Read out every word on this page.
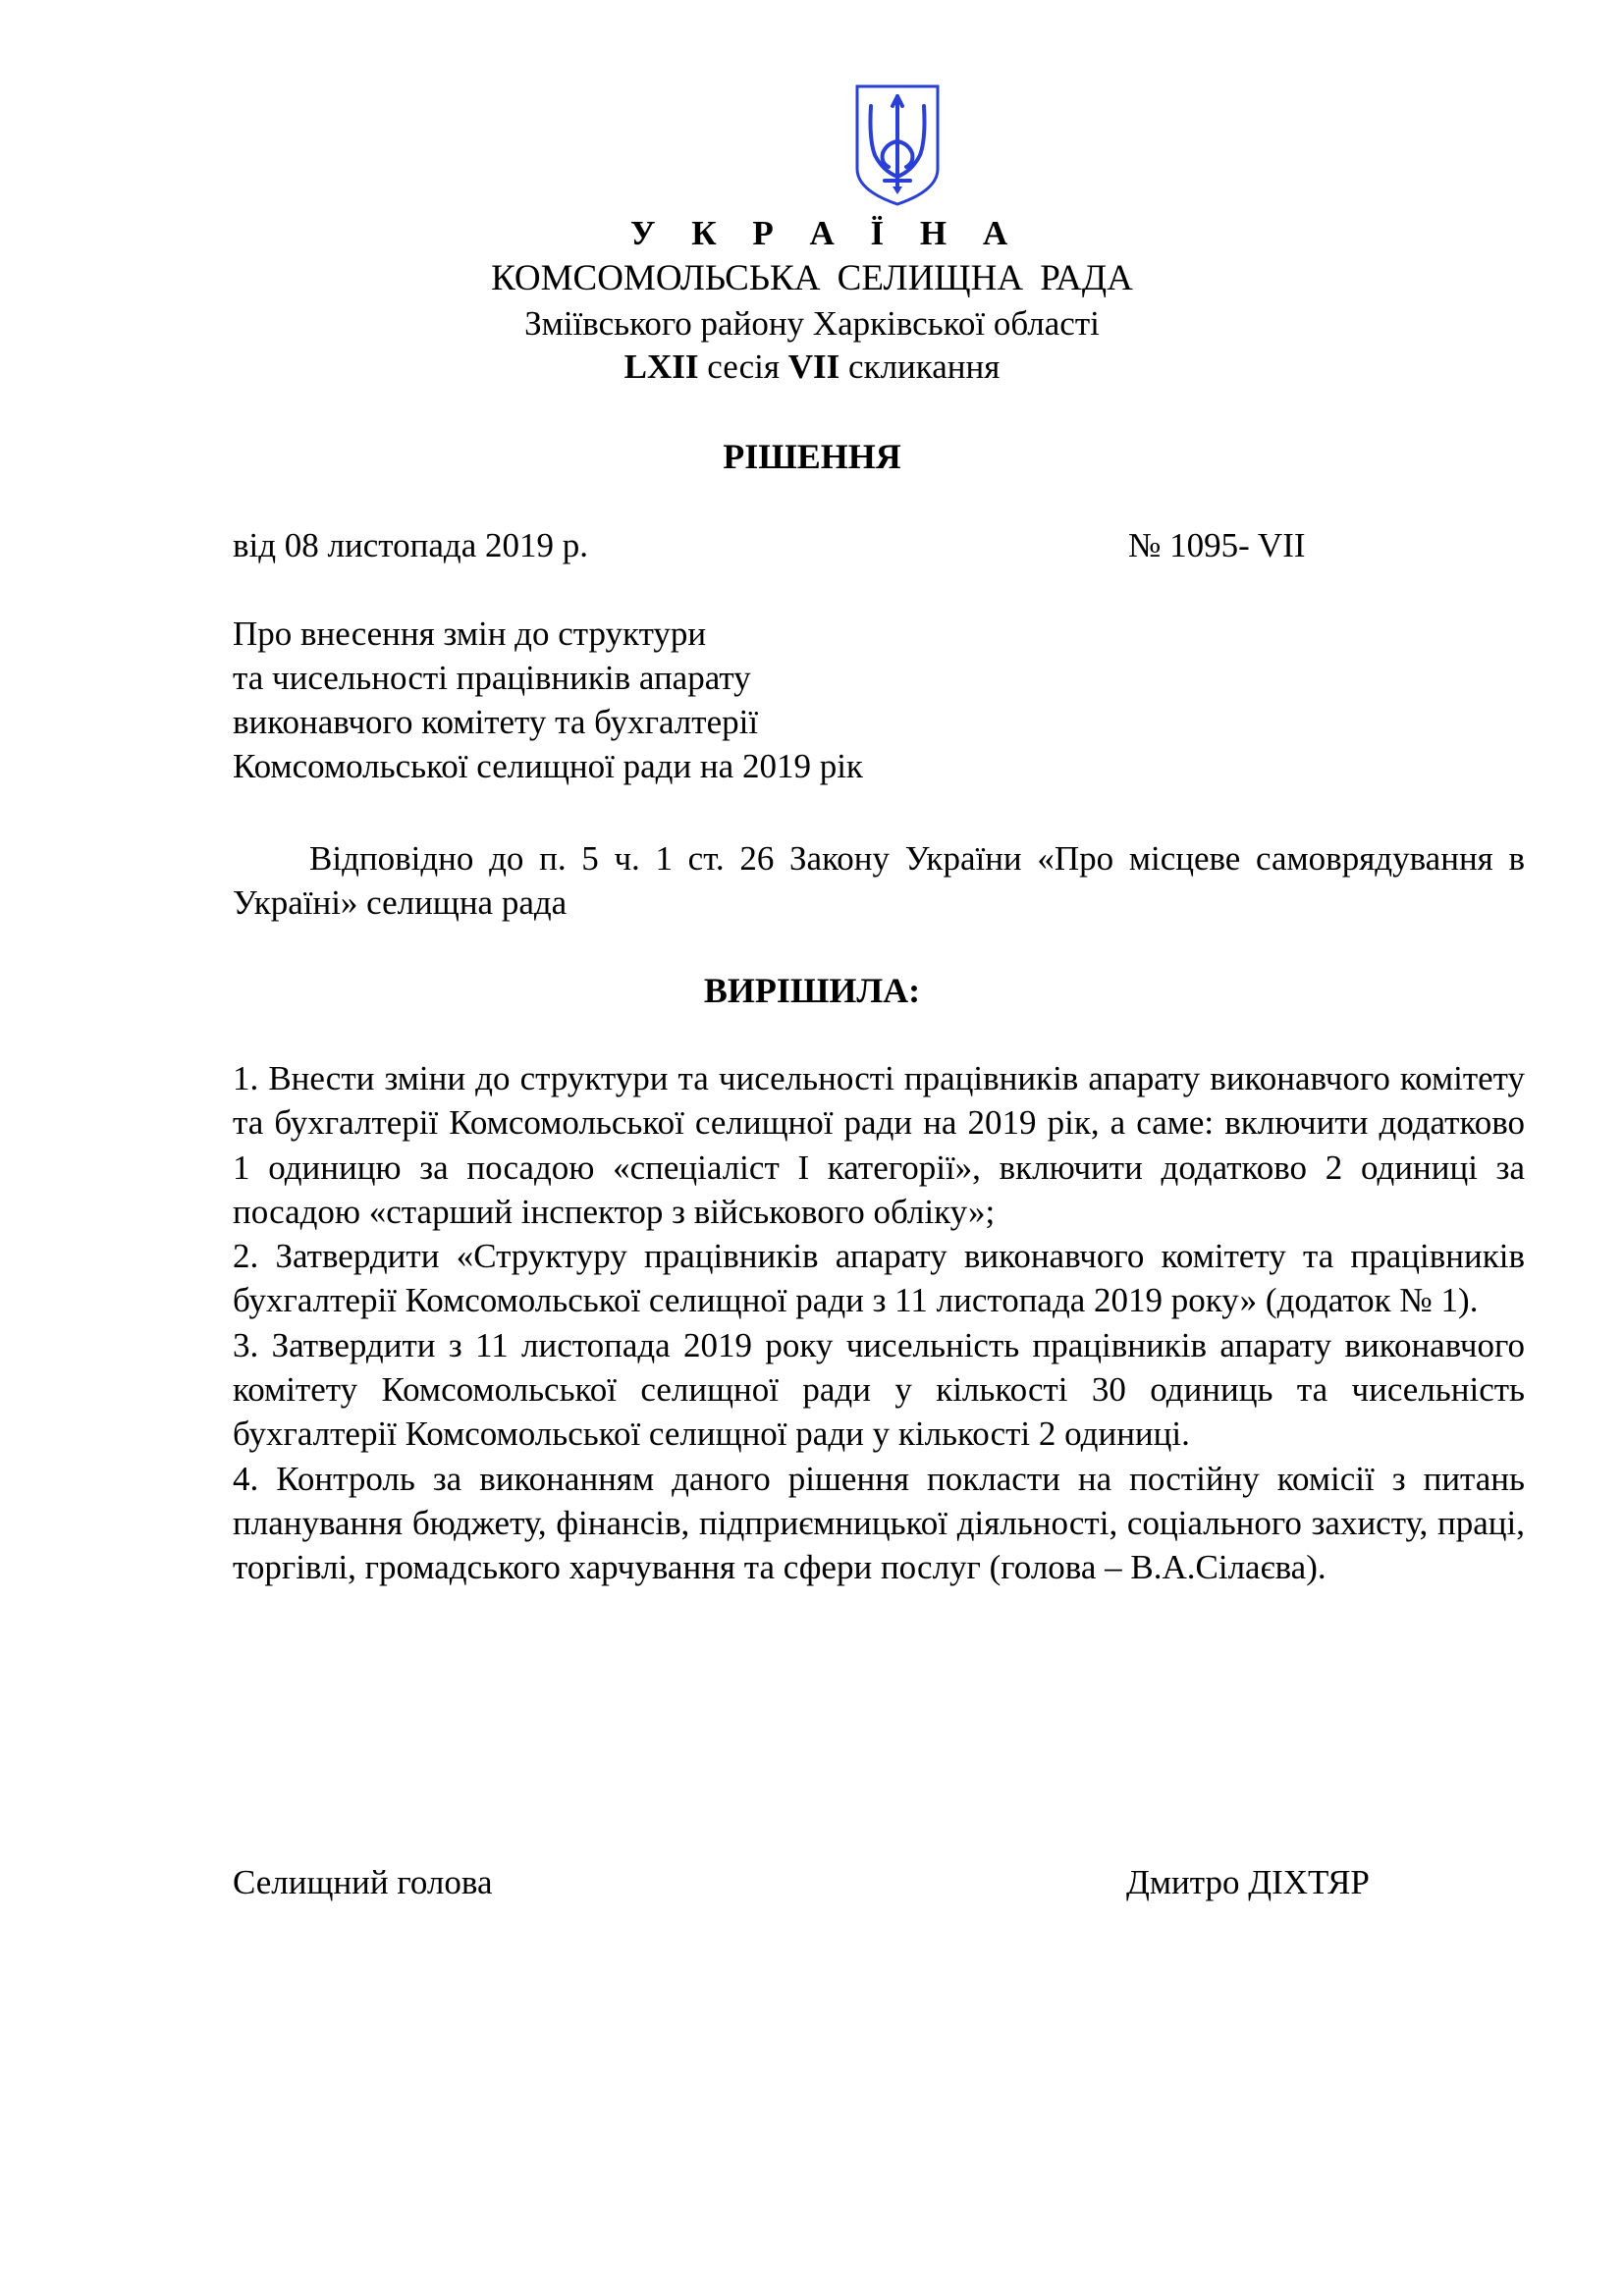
У К Р А Ї Н А
КОМСОМОЛЬСЬКА СЕЛИЩНА РАДА
Зміївського району Харківської області
LXII сесія VII скликання
РІШЕННЯ
від 08 листопада 2019 р.	№ 1095- VII
Про внесення змін до структури
та чисельності працівників апарату
виконавчого комітету та бухгалтерії
Комсомольської селищної ради на 2019 рік
Відповідно до п. 5 ч. 1 ст. 26 Закону України «Про місцеве самоврядування в Україні» селищна рада
ВИРІШИЛА:

1. Внести зміни до структури та чисельності працівників апарату виконавчого комітету та бухгалтерії Комсомольської селищної ради на 2019 рік, а саме: включити додатково 1 одиницю за посадою «спеціаліст І категорії», включити додатково 2 одиниці за посадою «старший інспектор з військового обліку»;

2. Затвердити «Структуру працівників апарату виконавчого комітету та працівників бухгалтерії Комсомольської селищної ради з 11 листопада 2019 року» (додаток № 1).

3. Затвердити з 11 листопада 2019 року чисельність працівників апарату виконавчого комітету Комсомольської селищної ради у кількості 30 одиниць та чисельність бухгалтерії Комсомольської селищної ради у кількості 2 одиниці.

4. Контроль за виконанням даного рішення покласти на постійну комісії з питань планування бюджету, фінансів, підприємницької діяльності, соціального захисту, праці, торгівлі, громадського харчування та сфери послуг (голова – В.А.Сілаєва).

Селищний голова	Дмитро ДІХТЯР
